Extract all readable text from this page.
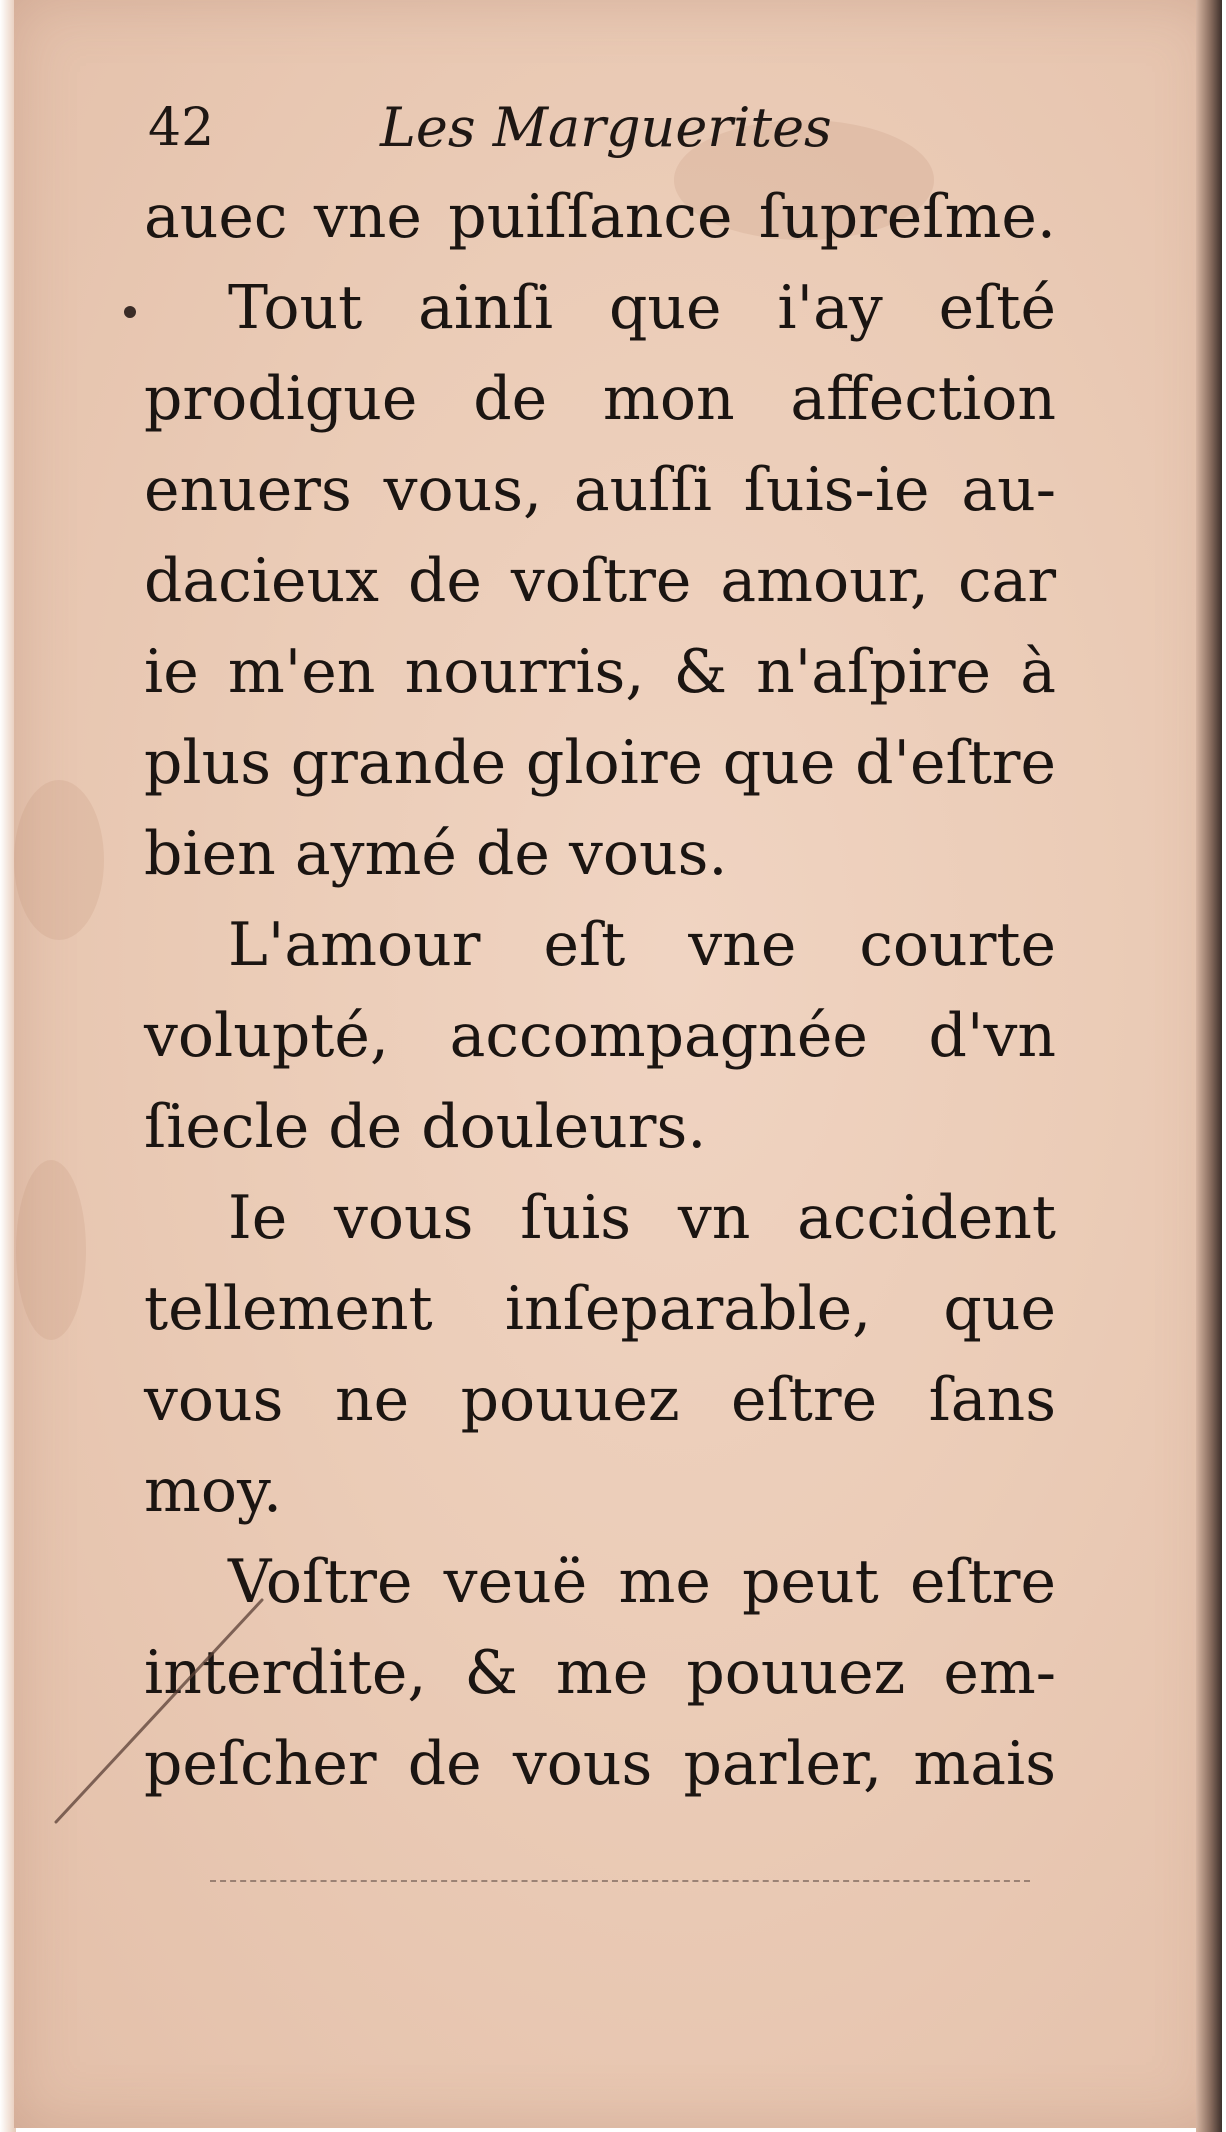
42	Les Marguerites
auec vne puiſſance ſupreſme.
Tout ainſi que i'ay eſté
prodigue de mon affection
enuers vous, auſſi ſuis-ie au-
dacieux de voſtre amour, car
ie m'en nourris, & n'aſpire à
plus grande gloire que d'eſtre
bien aymé de vous.
L'amour eſt vne courte
volupté, accompagnée d'vn
ſiecle de douleurs.
Ie vous ſuis vn accident
tellement inſeparable, que
vous ne pouuez eſtre ſans
moy.
Voſtre veuë me peut eſtre
interdite, & me pouuez em-
peſcher de vous parler, mais
